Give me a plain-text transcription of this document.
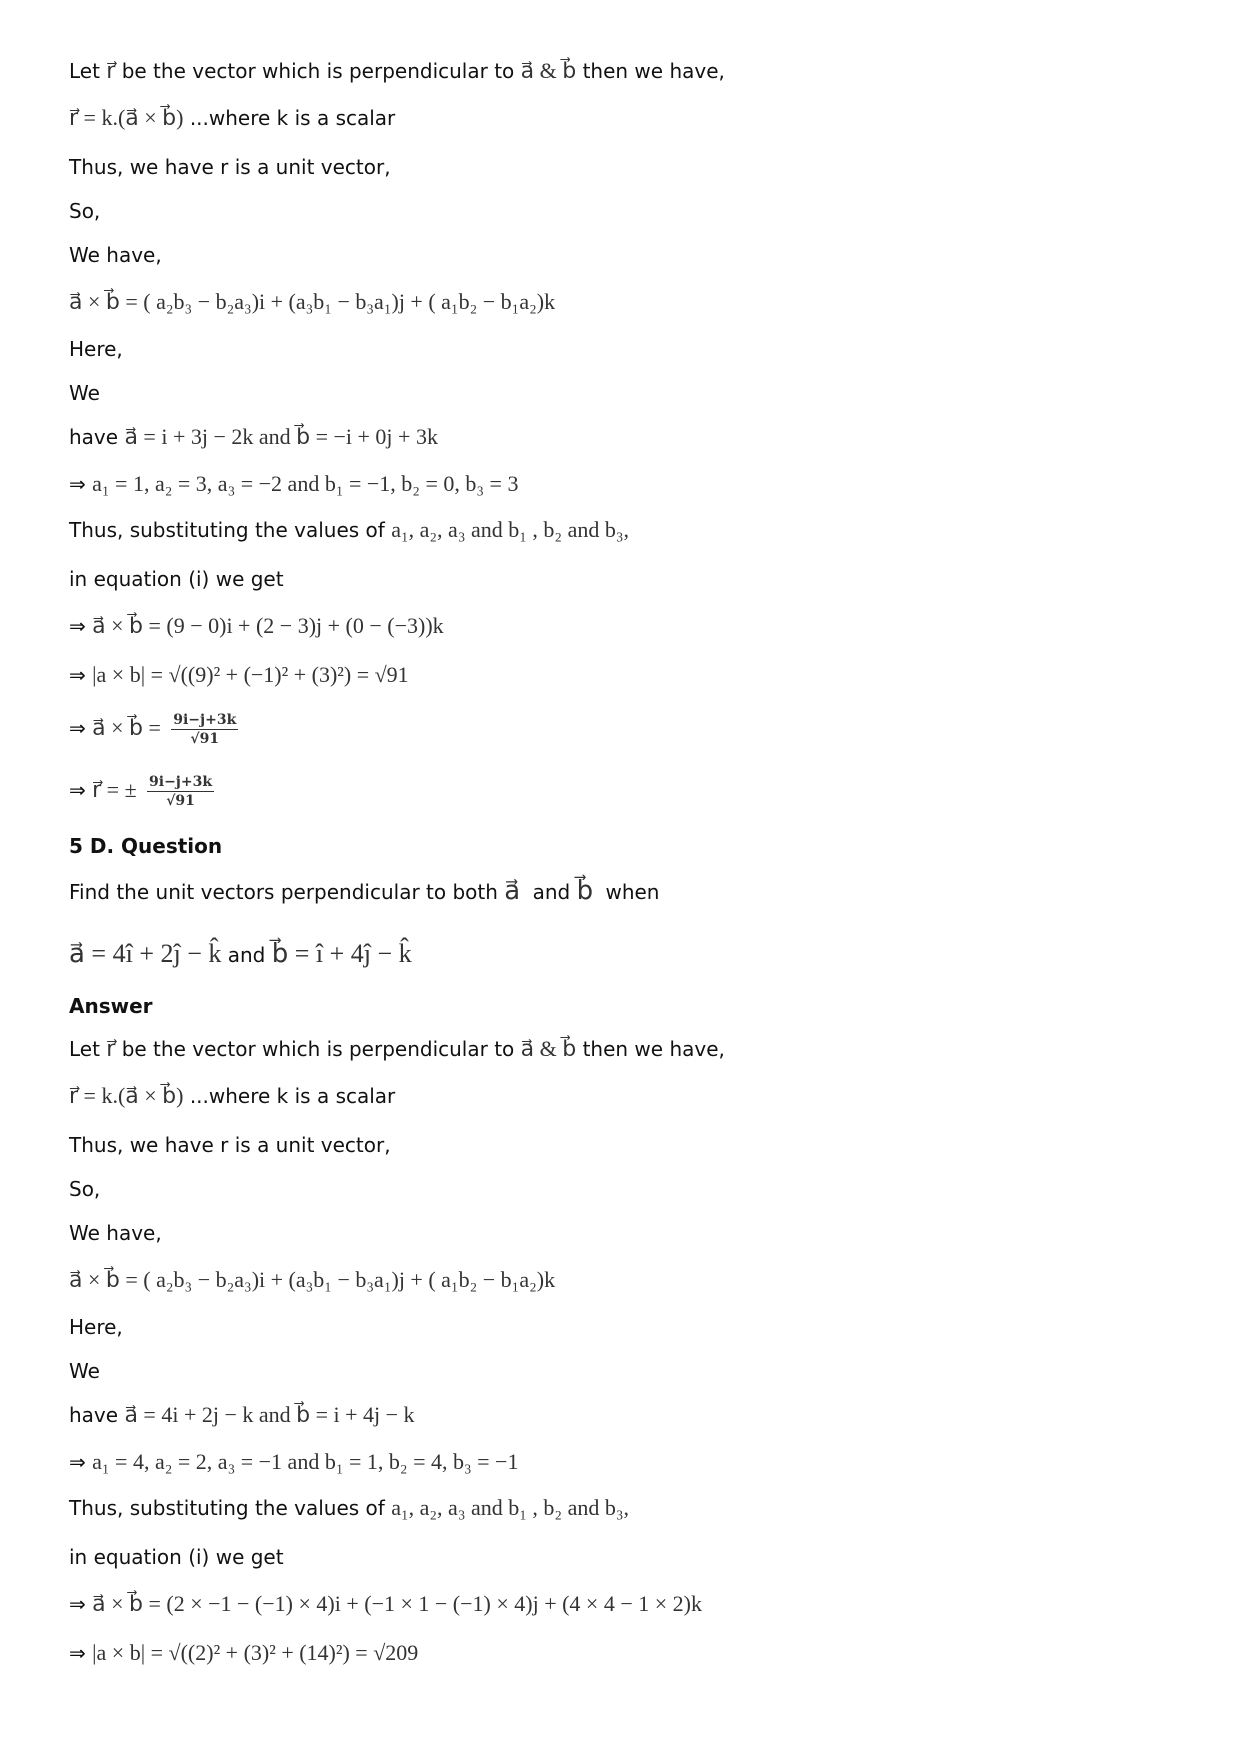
Let r⃗ be the vector which is perpendicular to a⃗ & b⃗ then we have,
r⃗ = k.(a⃗ × b⃗) ...where k is a scalar
Thus, we have r is a unit vector,
So,
We have,
a⃗ × b⃗ = ( a₂b₃ − b₂a₃)i + (a₃b₁ − b₃a₁)j + ( a₁b₂ − b₁a₂)k
Here,
We
have a⃗ = i + 3j − 2k and b⃗ = −i + 0j + 3k
⇒ a₁ = 1, a₂ = 3, a₃ = −2 and b₁ = −1, b₂ = 0, b₃ = 3
Thus, substituting the values of a₁, a₂, a₃ and b₁ , b₂ and b₃,
in equation (i) we get
⇒ a⃗ × b⃗ = (9 − 0)i + (2 − 3)j + (0 − (−3))k
⇒ |a × b| = √((9)² + (−1)² + (3)²) = √91
⇒ a⃗ × b⃗ = $\frac{9i-j+3k}{√91}$
⇒ r⃗ = ± $\frac{9i-j+3k}{√91}$
5 D. Question
Find the unit vectors perpendicular to both a⃗ and b⃗ when
a⃗ = 4î + 2ĵ − k̂ and b⃗ = î + 4ĵ − k̂
Answer
Let r⃗ be the vector which is perpendicular to a⃗ & b⃗ then we have,
r⃗ = k.(a⃗ × b⃗) ...where k is a scalar
Thus, we have r is a unit vector,
So,
We have,
a⃗ × b⃗ = ( a₂b₃ − b₂a₃)i + (a₃b₁ − b₃a₁)j + ( a₁b₂ − b₁a₂)k
Here,
We
have a⃗ = 4i + 2j − k and b⃗ = i + 4j − k
⇒ a₁ = 4, a₂ = 2, a₃ = −1 and b₁ = 1, b₂ = 4, b₃ = −1
Thus, substituting the values of a₁, a₂, a₃ and b₁ , b₂ and b₃,
in equation (i) we get
⇒ a⃗ × b⃗ = (2 × −1 − (−1) × 4)i + (−1 × 1 − (−1) × 4)j + (4 × 4 − 1 × 2)k
⇒ |a × b| = √((2)² + (3)² + (14)²) = √209
